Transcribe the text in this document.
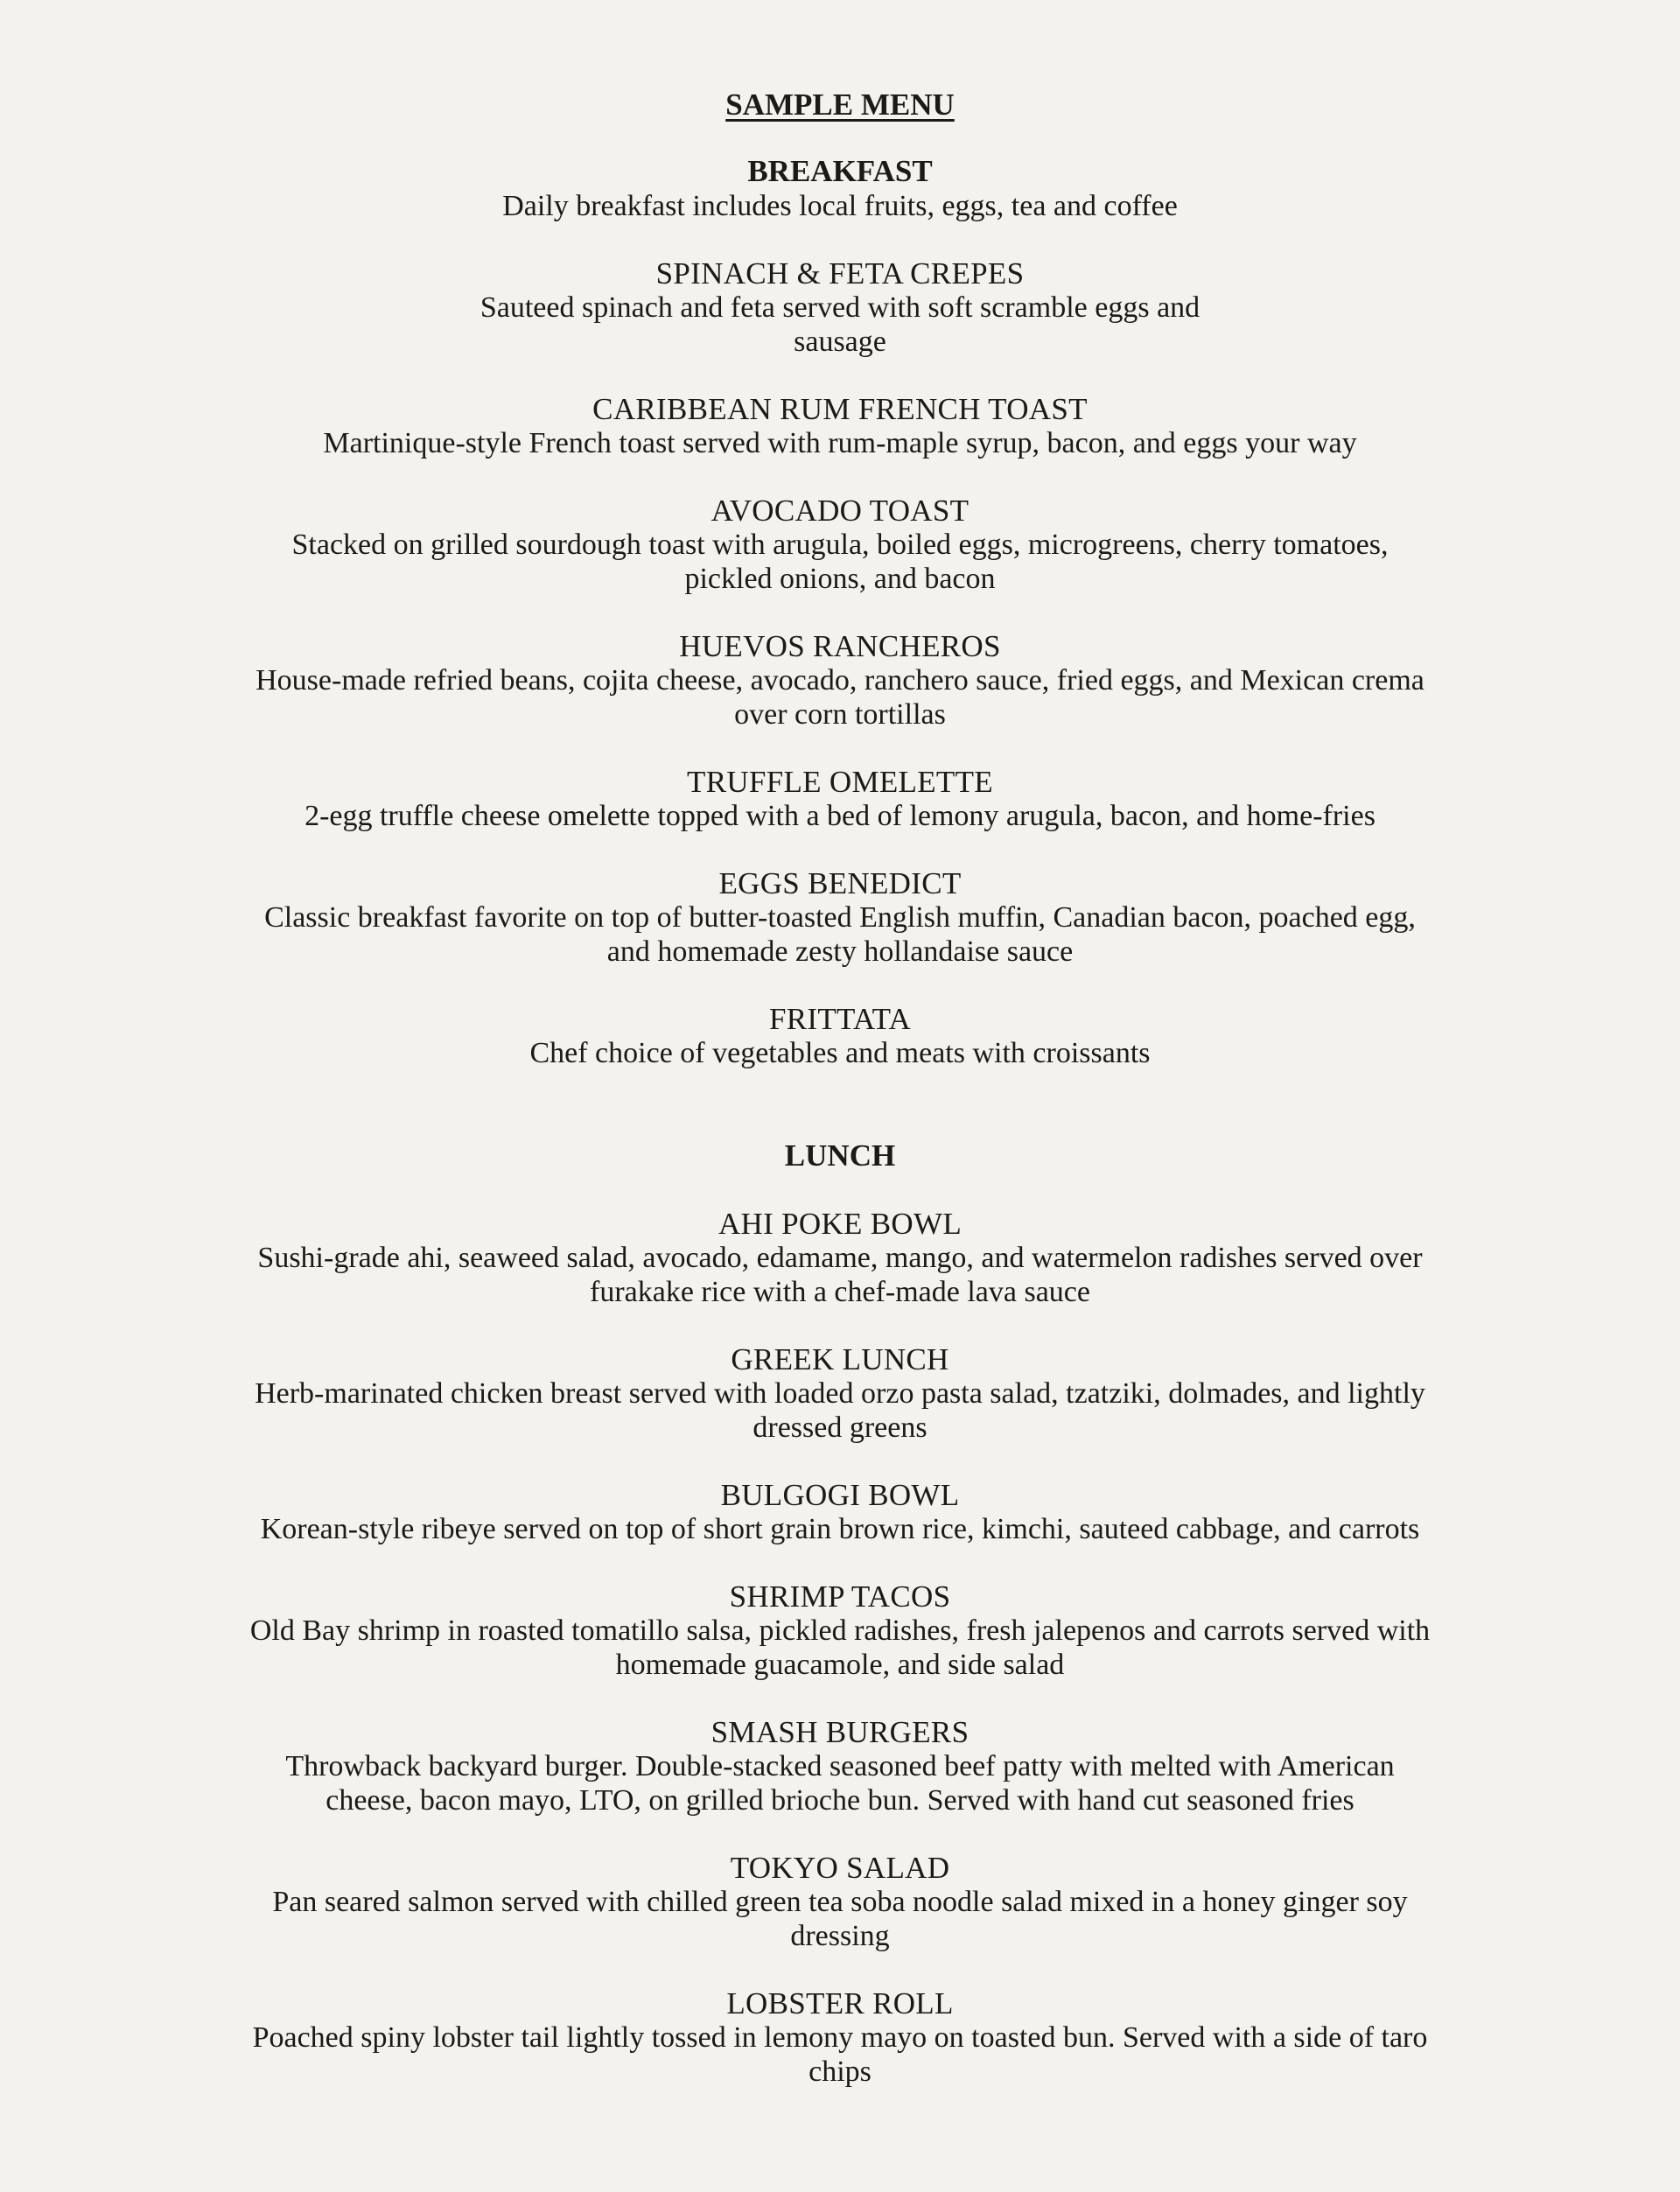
SAMPLE MENU
BREAKFAST
Daily breakfast includes local fruits, eggs, tea and coffee
SPINACH & FETA CREPES
Sauteed spinach and feta served with soft scramble eggs and
sausage
CARIBBEAN RUM FRENCH TOAST
Martinique-style French toast served with rum-maple syrup, bacon, and eggs your way
AVOCADO TOAST
Stacked on grilled sourdough toast with arugula, boiled eggs, microgreens, cherry tomatoes,
pickled onions, and bacon
HUEVOS RANCHEROS
House-made refried beans, cojita cheese, avocado, ranchero sauce, fried eggs, and Mexican crema
over corn tortillas
TRUFFLE OMELETTE
2-egg truffle cheese omelette topped with a bed of lemony arugula, bacon, and home-fries
EGGS BENEDICT
Classic breakfast favorite on top of butter-toasted English muffin, Canadian bacon, poached egg,
and homemade zesty hollandaise sauce
FRITTATA
Chef choice of vegetables and meats with croissants
LUNCH
AHI POKE BOWL
Sushi-grade ahi, seaweed salad, avocado, edamame, mango, and watermelon radishes served over
furakake rice with a chef-made lava sauce
GREEK LUNCH
Herb-marinated chicken breast served with loaded orzo pasta salad, tzatziki, dolmades, and lightly
dressed greens
BULGOGI BOWL
Korean-style ribeye served on top of short grain brown rice, kimchi, sauteed cabbage, and carrots
SHRIMP TACOS
Old Bay shrimp in roasted tomatillo salsa, pickled radishes, fresh jalepenos and carrots served with
homemade guacamole, and side salad
SMASH BURGERS
Throwback backyard burger. Double-stacked seasoned beef patty with melted with American
cheese, bacon mayo, LTO, on grilled brioche bun. Served with hand cut seasoned fries
TOKYO SALAD
Pan seared salmon served with chilled green tea soba noodle salad mixed in a honey ginger soy
dressing
LOBSTER ROLL
Poached spiny lobster tail lightly tossed in lemony mayo on toasted bun. Served with a side of taro
chips
